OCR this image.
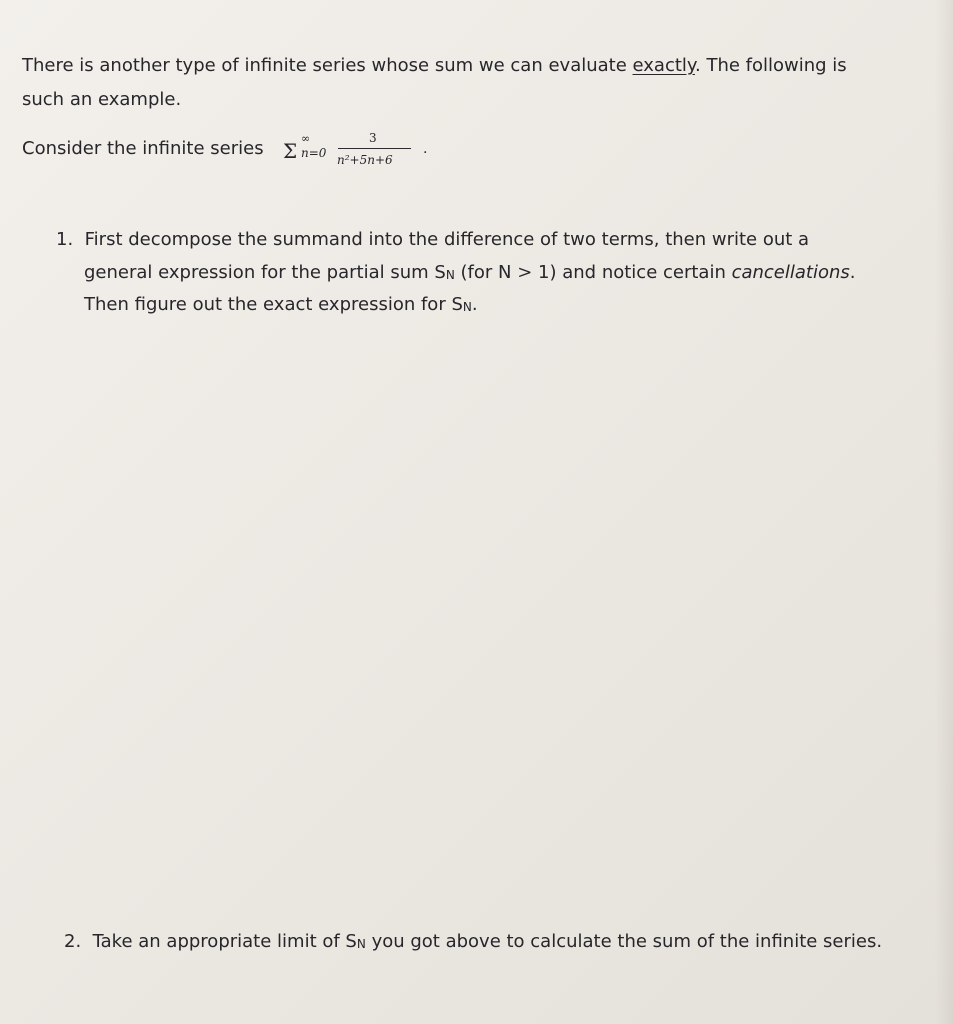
There is another type of infinite series whose sum we can evaluate exactly. The following is
such an example.
Consider the infinite series Σ
∞
n=0
3
n²+5n+6
.
1. First decompose the summand into the difference of two terms, then write out a
general expression for the partial sum SN (for N > 1) and notice certain cancellations.
Then figure out the exact expression for SN.
2. Take an appropriate limit of SN you got above to calculate the sum of the infinite series.
